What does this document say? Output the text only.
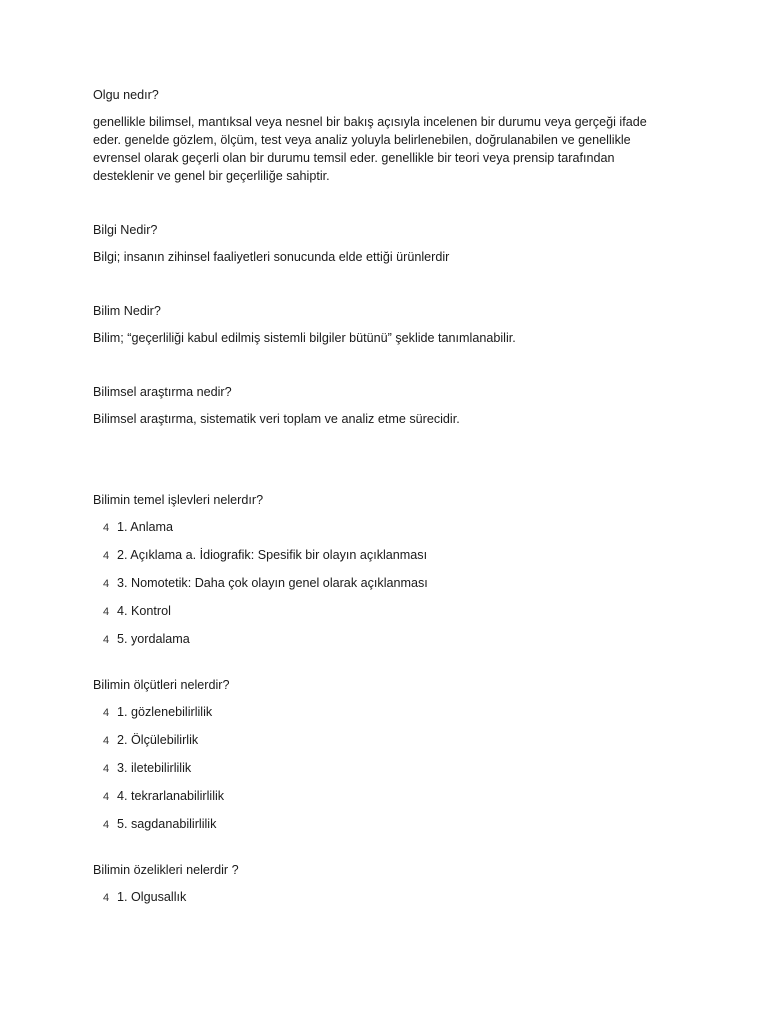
Olgu nedır?

genellikle bilimsel, mantıksal veya nesnel bir bakış açısıyla incelenen bir durumu veya gerçeği ifade

eder. genelde gözlem, ölçüm, test veya analiz yoluyla belirlenebilen, doğrulanabilen ve genellikle

evrensel olarak geçerli olan bir durumu temsil eder. genellikle bir teori veya prensip tarafından

desteklenir ve genel bir geçerliliğe sahiptir.

Bilgi Nedir?

Bilgi; insanın zihinsel faaliyetleri sonucunda elde ettiği ürünlerdir

Bilim Nedir?

Bilim; “geçerliliği kabul edilmiş sistemli bilgiler bütünü” şeklide tanımlanabilir.

Bilimsel araştırma nedir?

Bilimsel araştırma, sistematik veri toplam ve analiz etme sürecidir.

Bilimin temel işlevleri nelerdır?

4 1. Anlama
4 2. Açıklama a. İdiografik: Spesifik bir olayın açıklanması
4 3. Nomotetik: Daha çok olayın genel olarak açıklanması
4 4. Kontrol
4 5. yordalama

Bilimin ölçütleri nelerdir?

4 1. gözlenebilirlilik
4 2. Ölçülebilirlik
4 3. iletebilirlilik
4 4. tekrarlanabilirlilik
4 5. sagdanabilirlilik

Bilimin özelikleri nelerdir ?

4 1. Olgusallık
